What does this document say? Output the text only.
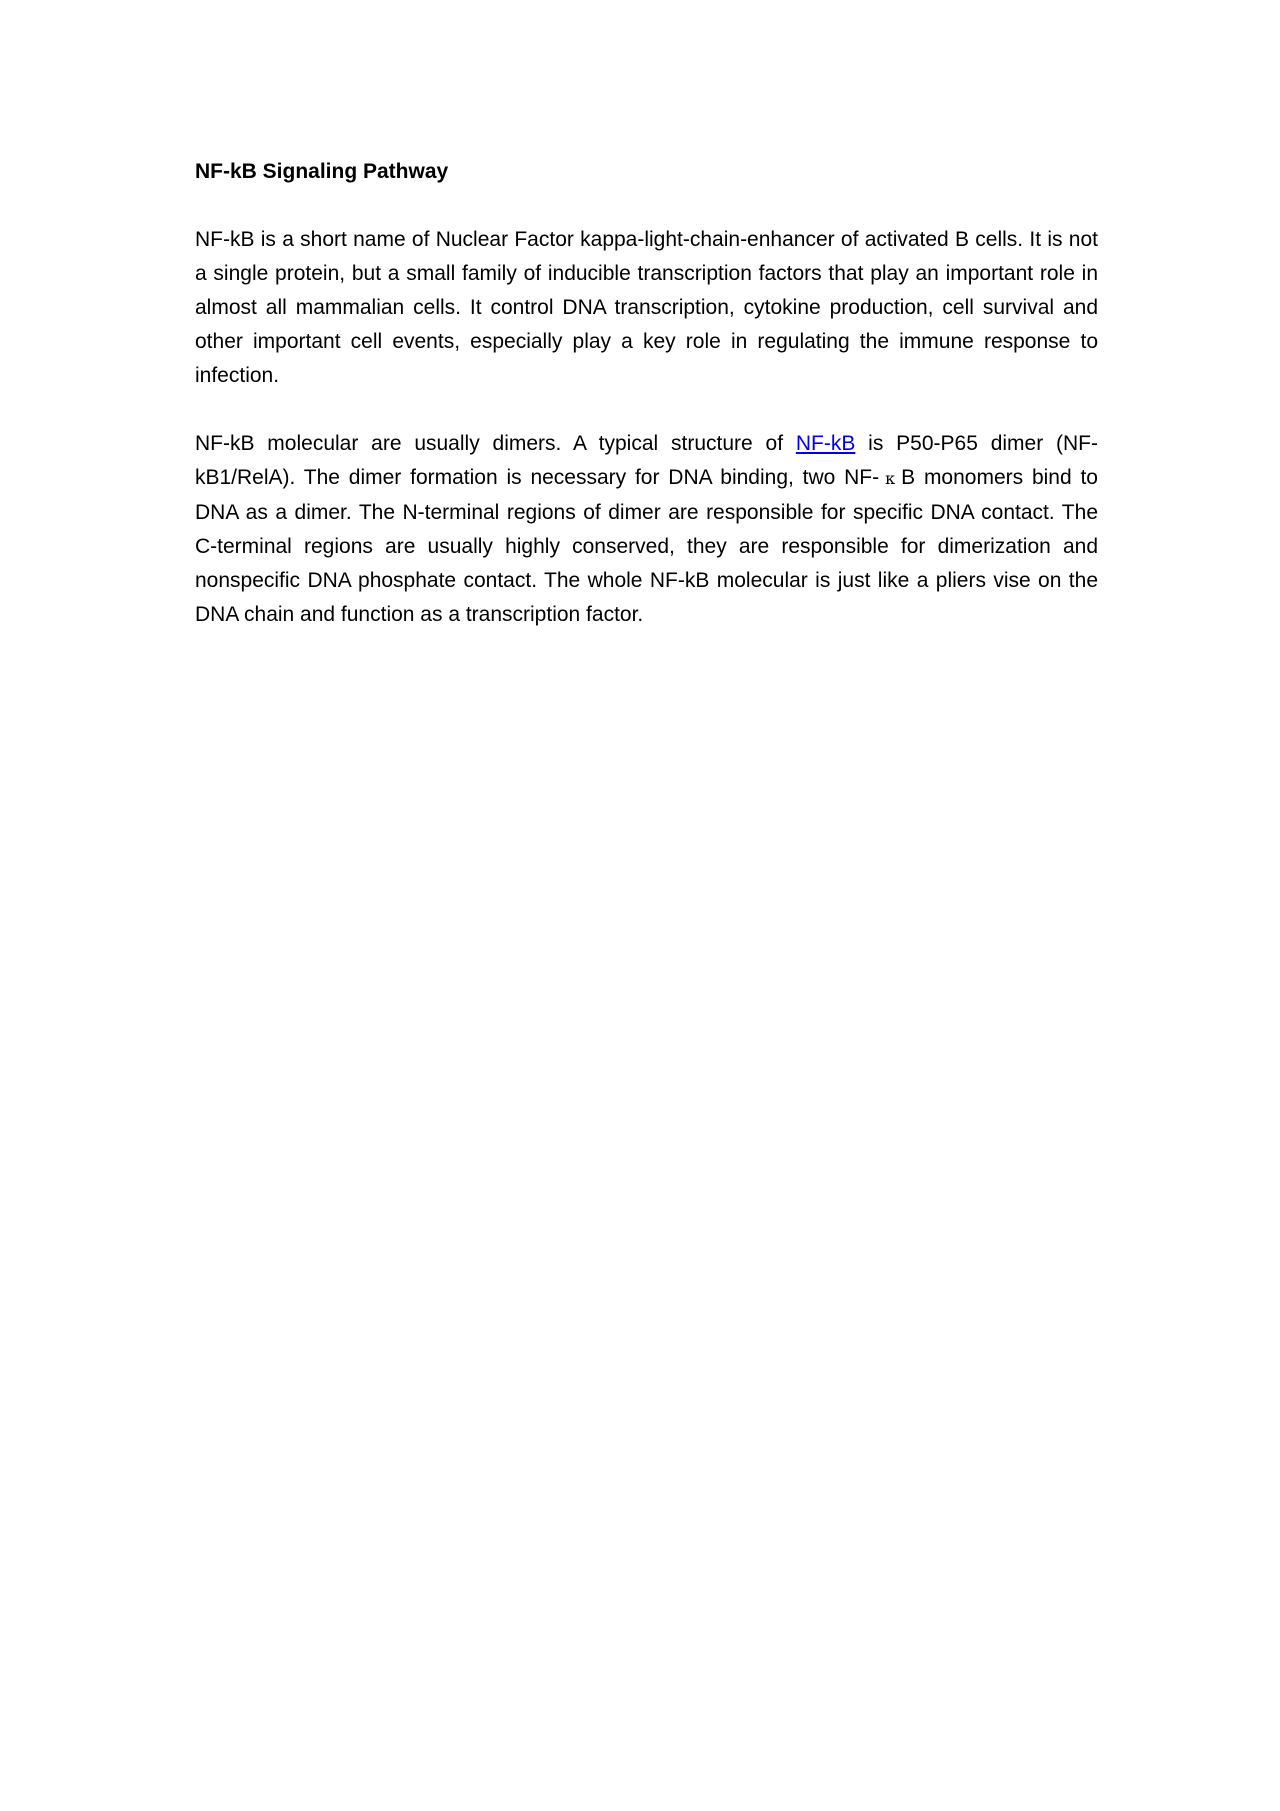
NF-kB Signaling Pathway

NF-kB is a short name of Nuclear Factor kappa-light-chain-enhancer of activated B cells. It is not a single protein, but a small family of inducible transcription factors that play an important role in almost all mammalian cells. It control DNA transcription, cytokine production, cell survival and other important cell events, especially play a key role in regulating the immune response to infection.

NF-kB molecular are usually dimers. A typical structure of NF-kB is P50-P65 dimer (NF-kB1/RelA). The dimer formation is necessary for DNA binding, two NF- κ B monomers bind to DNA as a dimer. The N-terminal regions of dimer are responsible for specific DNA contact. The C-terminal regions are usually highly conserved, they are responsible for dimerization and nonspecific DNA phosphate contact. The whole NF-kB molecular is just like a pliers vise on the DNA chain and function as a transcription factor.
